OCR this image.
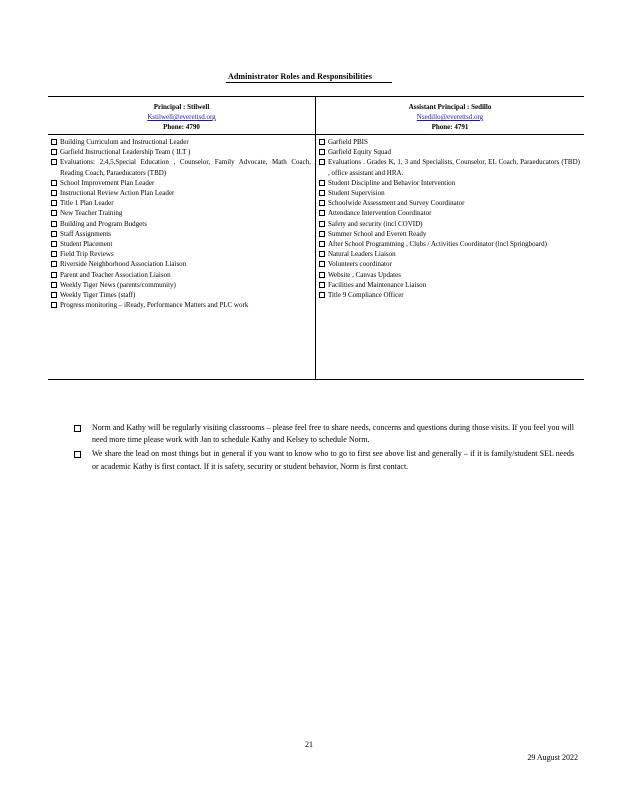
Administrator Roles and Responsibilities
Principal : Stilwell
Kstilwell@everettsd.org
Phone: 4790
Building Curriculum and Instructional Leader
Garfield Instructional Leadership Team ( ILT )
Evaluations: 2,4,5,Special Education , Counselor, Family Advocate, Math Coach, Reading Coach, Paraeducators (TBD)
School Improvement Plan Leader
Instructional Review Action Plan Leader
Title 1 Plan Leader
New Teacher Training
Building and Program Budgets
Staff Assignments
Student Placement
Field Trip Reviews
Riverside Neighborhood Association Liaison
Parent and Teacher Association Liaison
Weekly Tiger News (parents/community)
Weekly Tiger Times (staff)
Progress monitoring – iReady, Performance Matters and PLC work
Assistant Principal : Sedillo
Nsedillo@everettsd.org
Phone: 4791
Garfield PBIS
Garfield Equity Squad
Evaluations . Grades K, 1, 3 and Specialists, Counselor, EL Coach, Paraeducators (TBD) , office assistant and HRA.
Student Discipline and Behavior Intervention
Student Supervision
Schoolwide Assessment and Survey Coordinator
Attendance Intervention Coordinator
Safety and security (incl COVID)
Summer School and Everett Ready
After School Programming , Clubs / Activities Coordinator (incl Springboard)
Natural Leaders Liaison
Volunteers coordinator
Website , Canvas Updates
Facilities and Maintenance Liaison
Title 9 Compliance Officer
Norm and Kathy will be regularly visiting classrooms – please feel free to share needs, concerns and questions during those visits. If you feel you will need more time please work with Jan to schedule Kathy and Kelsey to schedule Norm.
We share the lead on most things but in general if you want to know who to go to first see above list and generally – if it is family/student SEL needs or academic Kathy is first contact. If it is safety, security or student behavior, Norm is first contact.
21
29 August 2022
